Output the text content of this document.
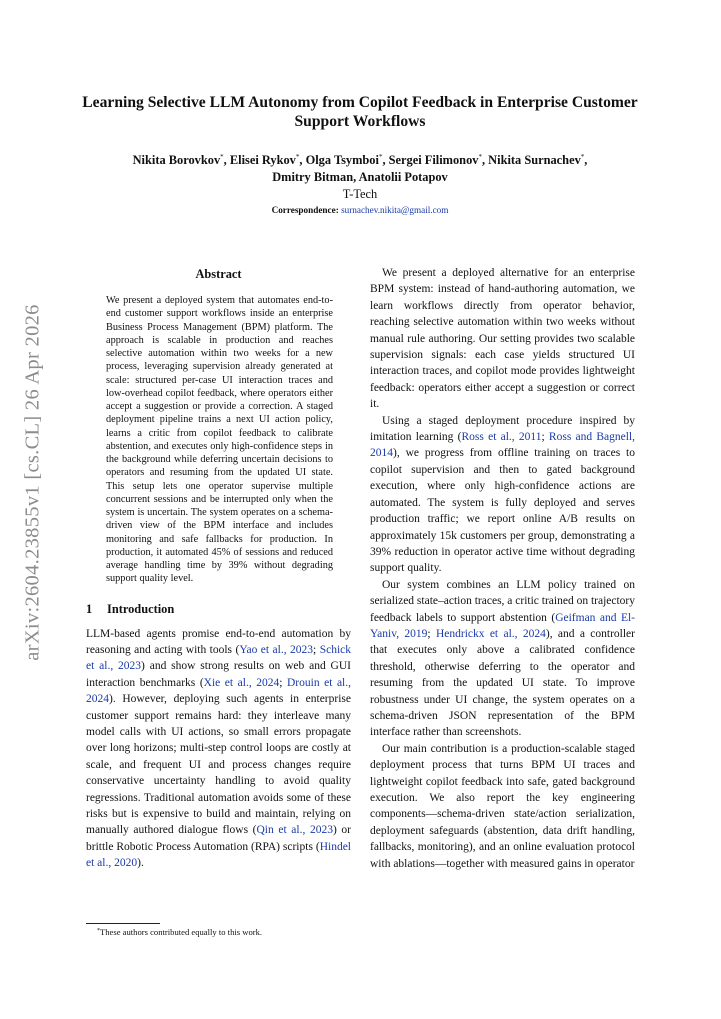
arXiv:2604.23855v1 [cs.CL] 26 Apr 2026
Learning Selective LLM Autonomy from Copilot Feedback in Enterprise Customer Support Workflows
Nikita Borovkov*, Elisei Rykov*, Olga Tsymboi*, Sergei Filimonov*, Nikita Surnachev*,
Dmitry Bitman, Anatolii Potapov
T-Tech
Correspondence: surnachev.nikita@gmail.com
Abstract
We present a deployed system that automates end-to-end customer support workflows inside an enterprise Business Process Management (BPM) platform. The approach is scalable in production and reaches selective automation within two weeks for a new process, leveraging supervision already generated at scale: structured per-case UI interaction traces and low-overhead copilot feedback, where operators either accept a suggestion or provide a correction. A staged deployment pipeline trains a next UI action policy, learns a critic from copilot feedback to calibrate abstention, and executes only high-confidence steps in the background while deferring uncertain decisions to operators and resuming from the updated UI state. This setup lets one operator supervise multiple concurrent sessions and be interrupted only when the system is uncertain. The system operates on a schema-driven view of the BPM interface and includes monitoring and safe fallbacks for production. In production, it automated 45% of sessions and reduced average handling time by 39% without degrading support quality level.
1 Introduction
LLM-based agents promise end-to-end automation by reasoning and acting with tools (Yao et al., 2023; Schick et al., 2023) and show strong results on web and GUI interaction benchmarks (Xie et al., 2024; Drouin et al., 2024). However, deploying such agents in enterprise customer support remains hard: they interleave many model calls with UI actions, so small errors propagate over long horizons; multi-step control loops are costly at scale, and frequent UI and process changes require conservative uncertainty handling to avoid quality regressions. Traditional automation avoids some of these risks but is expensive to build and maintain, relying on manually authored dialogue flows (Qin et al., 2023) or brittle Robotic Process Automation (RPA) scripts (Hindel et al., 2020).
We present a deployed alternative for an enterprise BPM system: instead of hand-authoring automation, we learn workflows directly from operator behavior, reaching selective automation within two weeks without manual rule authoring. Our setting provides two scalable supervision signals: each case yields structured UI interaction traces, and copilot mode provides lightweight feedback: operators either accept a suggestion or correct it.
Using a staged deployment procedure inspired by imitation learning (Ross et al., 2011; Ross and Bagnell, 2014), we progress from offline training on traces to copilot supervision and then to gated background execution, where only high-confidence actions are automated. The system is fully deployed and serves production traffic; we report online A/B results on approximately 15k customers per group, demonstrating a 39% reduction in operator active time without degrading support quality.
Our system combines an LLM policy trained on serialized state–action traces, a critic trained on trajectory feedback labels to support abstention (Geifman and El-Yaniv, 2019; Hendrickx et al., 2024), and a controller that executes only above a calibrated confidence threshold, otherwise deferring to the operator and resuming from the updated UI state. To improve robustness under UI change, the system operates on a schema-driven JSON representation of the BPM interface rather than screenshots.
Our main contribution is a production-scalable staged deployment process that turns BPM UI traces and lightweight copilot feedback into safe, gated background execution. We also report the key engineering components—schema-driven state/action serialization, deployment safeguards (abstention, data drift handling, fallbacks, monitoring), and an online evaluation protocol with ablations—together with measured gains in operator
*These authors contributed equally to this work.
